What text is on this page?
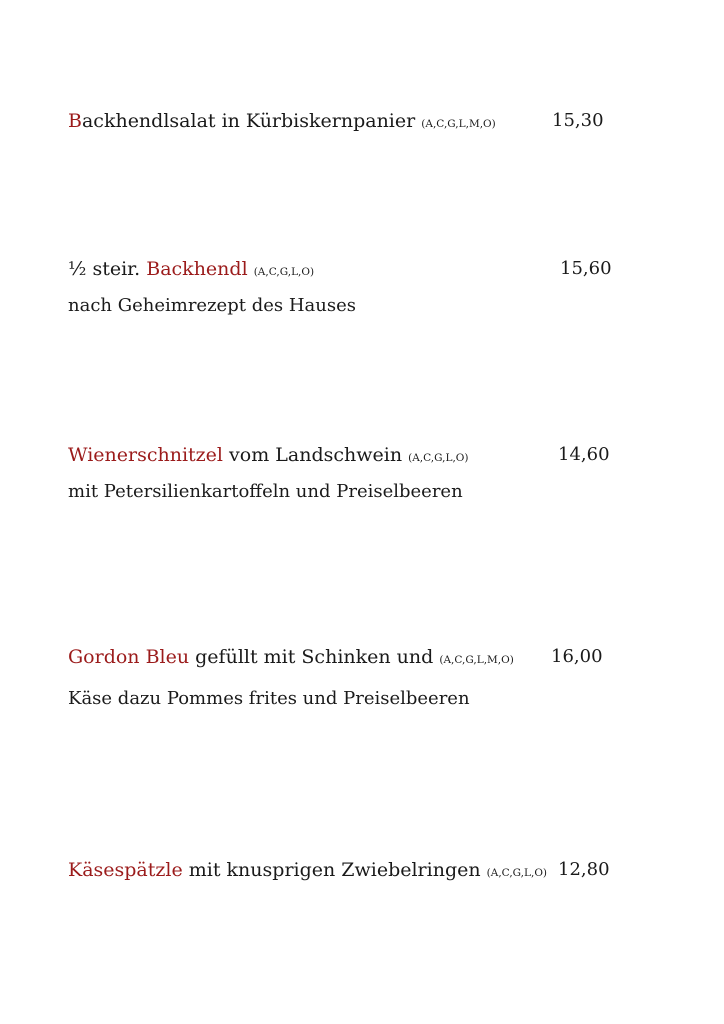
Backhendlsalat in Kürbiskernpanier (A,C,G,L,M,O)	15,30
½ steir. Backhendl (A,C,G,L,O)	15,60
nach Geheimrezept des Hauses
Wienerschnitzel vom Landschwein (A,C,G,L,O)	14,60
mit Petersilienkartoffeln und Preiselbeeren
Gordon Bleu gefüllt mit Schinken und (A,C,G,L,M,O) 16,00
Käse dazu Pommes frites und Preiselbeeren
Käsespätzle mit knusprigen Zwiebelringen (A,C,G,L,O) 12,80
